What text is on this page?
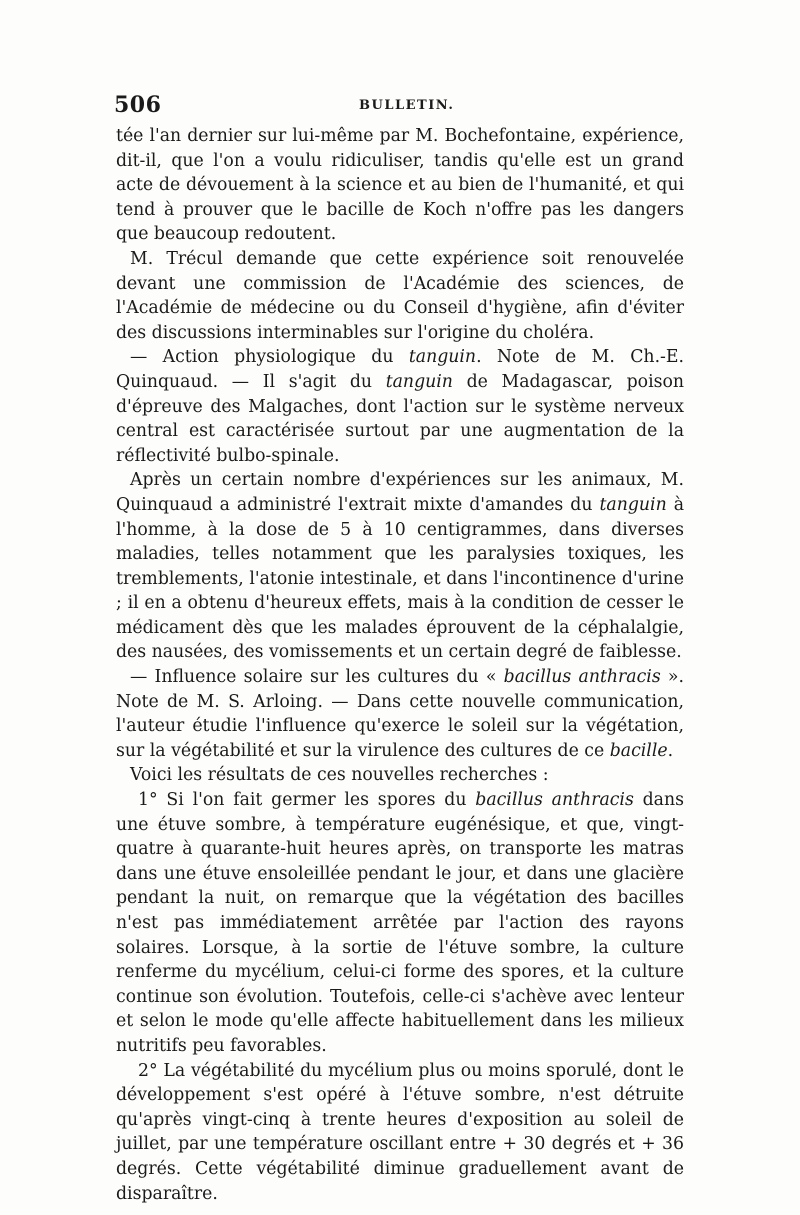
506	BULLETIN.

tée l'an dernier sur lui-même par M. Bochefontaine, expérience, dit-il, que l'on a voulu ridiculiser, tandis qu'elle est un grand acte de dévouement à la science et au bien de l'humanité, et qui tend à prouver que le bacille de Koch n'offre pas les dangers que beaucoup redoutent.

M. Trécul demande que cette expérience soit renouvelée devant une commission de l'Académie des sciences, de l'Académie de médecine ou du Conseil d'hygiène, afin d'éviter des discussions interminables sur l'origine du choléra.

— Action physiologique du tanguin. Note de M. Ch.-E. Quinquaud. — Il s'agit du tanguin de Madagascar, poison d'épreuve des Malgaches, dont l'action sur le système nerveux central est caractérisée surtout par une augmentation de la réflectivité bulbo-spinale.

Après un certain nombre d'expériences sur les animaux, M. Quinquaud a administré l'extrait mixte d'amandes du tanguin à l'homme, à la dose de 5 à 10 centigrammes, dans diverses maladies, telles notamment que les paralysies toxiques, les tremblements, l'atonie intestinale, et dans l'incontinence d'urine ; il en a obtenu d'heureux effets, mais à la condition de cesser le médicament dès que les malades éprouvent de la céphalalgie, des nausées, des vomissements et un certain degré de faiblesse.

— Influence solaire sur les cultures du « bacillus anthracis ». Note de M. S. Arloing. — Dans cette nouvelle communication, l'auteur étudie l'influence qu'exerce le soleil sur la végétation, sur la végétabilité et sur la virulence des cultures de ce bacille.

Voici les résultats de ces nouvelles recherches :

1° Si l'on fait germer les spores du bacillus anthracis dans une étuve sombre, à température eugénésique, et que, vingt-quatre à quarante-huit heures après, on transporte les matras dans une étuve ensoleillée pendant le jour, et dans une glacière pendant la nuit, on remarque que la végétation des bacilles n'est pas immédiatement arrêtée par l'action des rayons solaires. Lorsque, à la sortie de l'étuve sombre, la culture renferme du mycélium, celui-ci forme des spores, et la culture continue son évolution. Toutefois, celle-ci s'achève avec lenteur et selon le mode qu'elle affecte habituellement dans les milieux nutritifs peu favorables.

2° La végétabilité du mycélium plus ou moins sporulé, dont le développement s'est opéré à l'étuve sombre, n'est détruite qu'après vingt-cinq à trente heures d'exposition au soleil de juillet, par une température oscillant entre + 30 degrés et + 36 degrés. Cette végétabilité diminue graduellement avant de disparaître.
